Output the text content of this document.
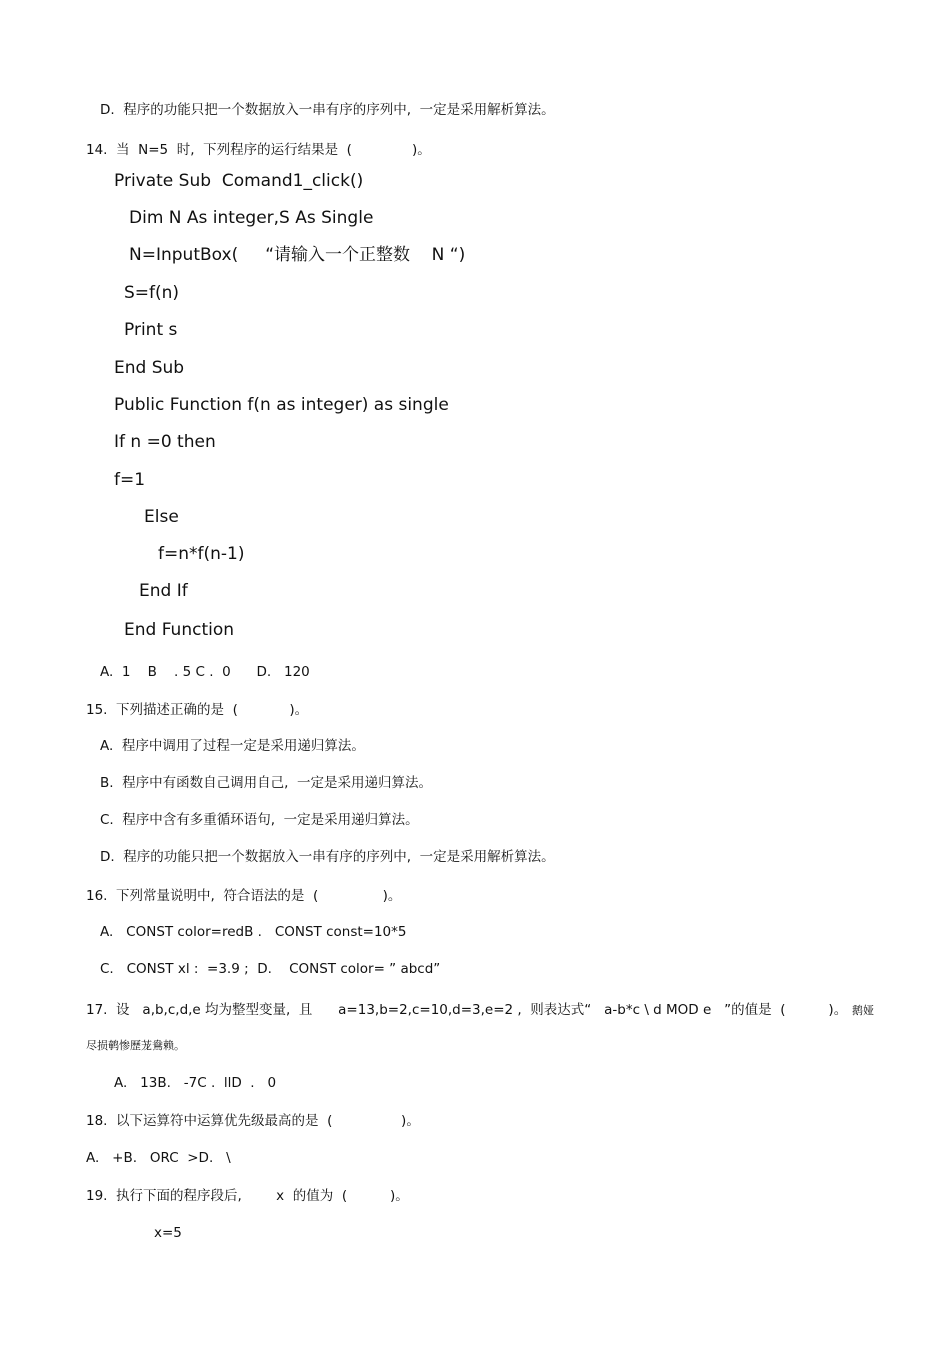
D.  程序的功能只把一个数据放入一串有序的序列中,  一定是采用解析算法。
14.  当  N=5  时,  下列程序的运行结果是  (              )。
Private Sub  Comand1_click()
Dim N As integer,S As Single
N=InputBox(     “请输入一个正整数    N “)
S=f(n)
Print s
End Sub
Public Function f(n as integer) as single
If n =0 then
f=1
Else
f=n*f(n-1)
End If
End Function
A.  1    B    . 5 C .  0      D.   120
15.  下列描述正确的是  (            )。
A.  程序中调用了过程一定是采用递归算法。
B.  程序中有函数自己调用自己,  一定是采用递归算法。
C.  程序中含有多重循环语句,  一定是采用递归算法。
D.  程序的功能只把一个数据放入一串有序的序列中,  一定是采用解析算法。
16.  下列常量说明中,  符合语法的是  (               )。
A.   CONST color=redB .   CONST const=10*5
C.   CONST xl :  =3.9 ;  D.    CONST color= ” abcd”
17.  设   a,b,c,d,e 均为整型变量,  且      a=13,b=2,c=10,d=3,e=2 ,  则表达式“   a-b*c \ d MOD e   ”的值是  (          )。 鹅娅
尽损鹌惨歷茏鴦赖。
A.   13B.   -7C .  llD  .   0
18.  以下运算符中运算优先级最高的是  (                )。
A.   +B.   ORC  >D.   \
19.  执行下面的程序段后,        x  的值为  (          )。
x=5
